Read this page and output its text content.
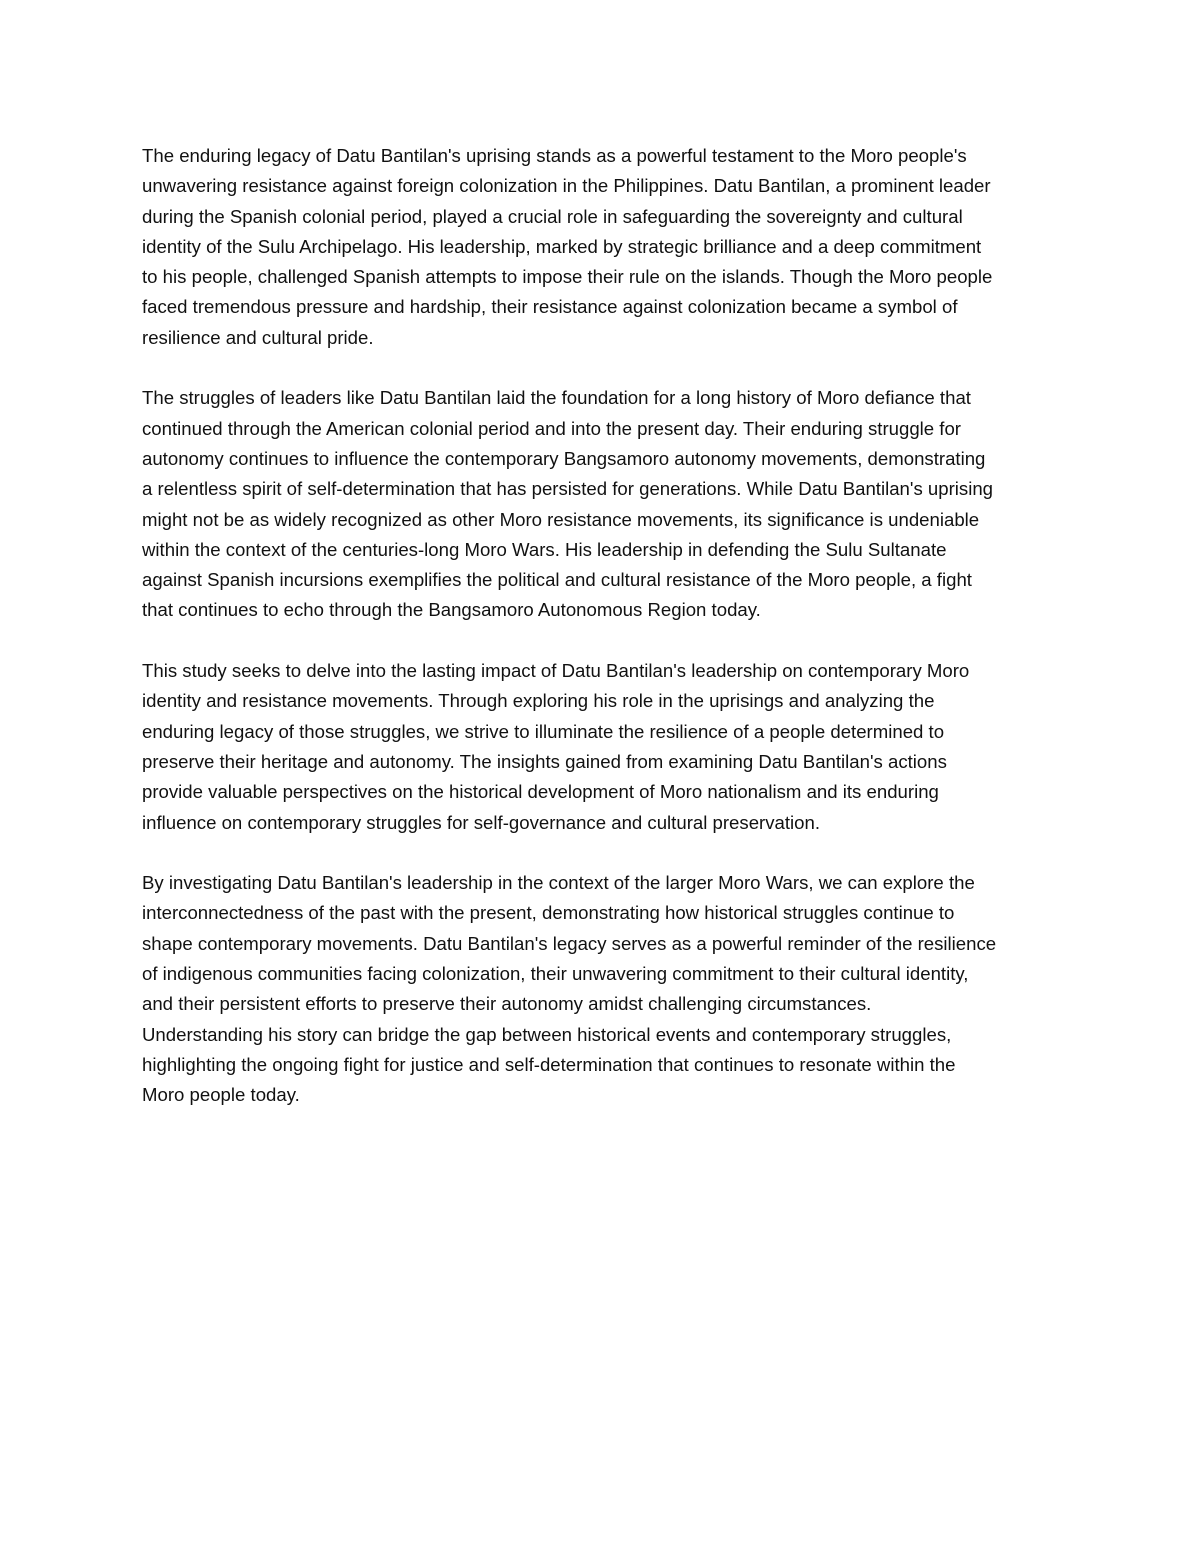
The enduring legacy of Datu Bantilan's uprising stands as a powerful testament to the Moro people's
unwavering resistance against foreign colonization in the Philippines. Datu Bantilan, a prominent leader
during the Spanish colonial period, played a crucial role in safeguarding the sovereignty and cultural
identity of the Sulu Archipelago. His leadership, marked by strategic brilliance and a deep commitment
to his people, challenged Spanish attempts to impose their rule on the islands. Though the Moro people
faced tremendous pressure and hardship, their resistance against colonization became a symbol of
resilience and cultural pride.
The struggles of leaders like Datu Bantilan laid the foundation for a long history of Moro defiance that
continued through the American colonial period and into the present day. Their enduring struggle for
autonomy continues to influence the contemporary Bangsamoro autonomy movements, demonstrating
a relentless spirit of self-determination that has persisted for generations. While Datu Bantilan's uprising
might not be as widely recognized as other Moro resistance movements, its significance is undeniable
within the context of the centuries-long Moro Wars. His leadership in defending the Sulu Sultanate
against Spanish incursions exemplifies the political and cultural resistance of the Moro people, a fight
that continues to echo through the Bangsamoro Autonomous Region today.
This study seeks to delve into the lasting impact of Datu Bantilan's leadership on contemporary Moro
identity and resistance movements. Through exploring his role in the uprisings and analyzing the
enduring legacy of those struggles, we strive to illuminate the resilience of a people determined to
preserve their heritage and autonomy. The insights gained from examining Datu Bantilan's actions
provide valuable perspectives on the historical development of Moro nationalism and its enduring
influence on contemporary struggles for self-governance and cultural preservation.
By investigating Datu Bantilan's leadership in the context of the larger Moro Wars, we can explore the
interconnectedness of the past with the present, demonstrating how historical struggles continue to
shape contemporary movements. Datu Bantilan's legacy serves as a powerful reminder of the resilience
of indigenous communities facing colonization, their unwavering commitment to their cultural identity,
and their persistent efforts to preserve their autonomy amidst challenging circumstances.
Understanding his story can bridge the gap between historical events and contemporary struggles,
highlighting the ongoing fight for justice and self-determination that continues to resonate within the
Moro people today.
